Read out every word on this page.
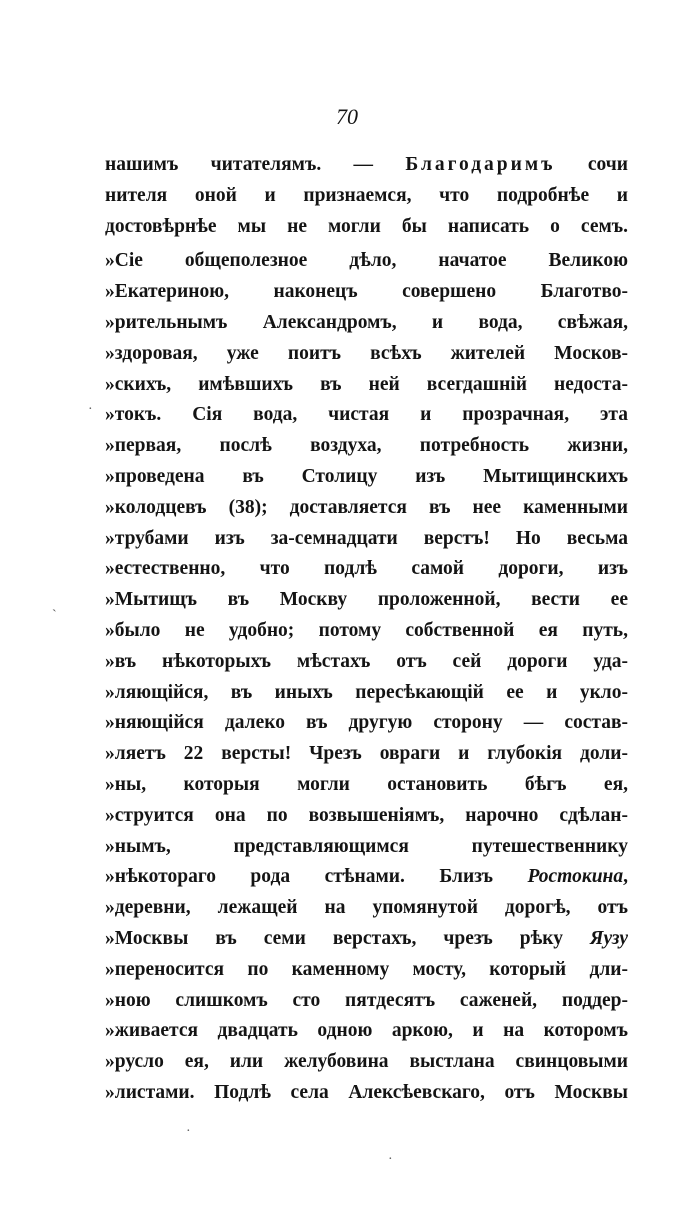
70
нашимъ читателямъ. — Благодаримъ сочи
нителя оной и признаемся, что подробнѣе и
достовѣрнѣе мы не могли бы написать о семъ.
»Сіе общеполезное дѣло, начатое Великою
»Екатериною, наконецъ совершено Благотво-
»рительнымъ Александромъ, и вода, свѣжая,
»здоровая, уже поитъ всѣхъ жителей Москов-
»скихъ, имѣвшихъ въ ней всегдашній недоста-
»токъ. Сія вода, чистая и прозрачная, эта
»первая, послѣ воздуха, потребность жизни,
»проведена въ Столицу изъ Мытищинскихъ
»колодцевъ (38); доставляется въ нее каменными
»трубами изъ за-семнадцати верстъ! Но весьма
»естественно, что подлѣ самой дороги, изъ
»Мытищъ въ Москву проложенной, вести ее
»было не удобно; потому собственной ея путь,
»въ нѣкоторыхъ мѣстахъ отъ сей дороги уда-
»ляющійся, въ иныхъ пересѣкающій ее и укло-
»няющійся далеко въ другую сторону — состав-
»ляетъ 22 версты! Чрезъ овраги и глубокія доли-
»ны, которыя могли остановить бѣгъ ея,
»струится она по возвышеніямъ, нарочно сдѣлан-
»нымъ, представляющимся путешественнику
»нѣкотораго рода стѣнами. Близъ Ростокина,
»деревни, лежащей на упомянутой дорогѣ, отъ
»Москвы въ семи верстахъ, чрезъ рѣку Яузу
»переносится по каменному мосту, который дли-
»ною слишкомъ сто пятдесятъ саженей, поддер-
»живается двадцать одною аркою, и на которомъ
»русло ея, или желубовина выстлана свинцовыми
»листами. Подлѣ села Алексѣевскаго, отъ Москвы
·
ˋ
·
·
